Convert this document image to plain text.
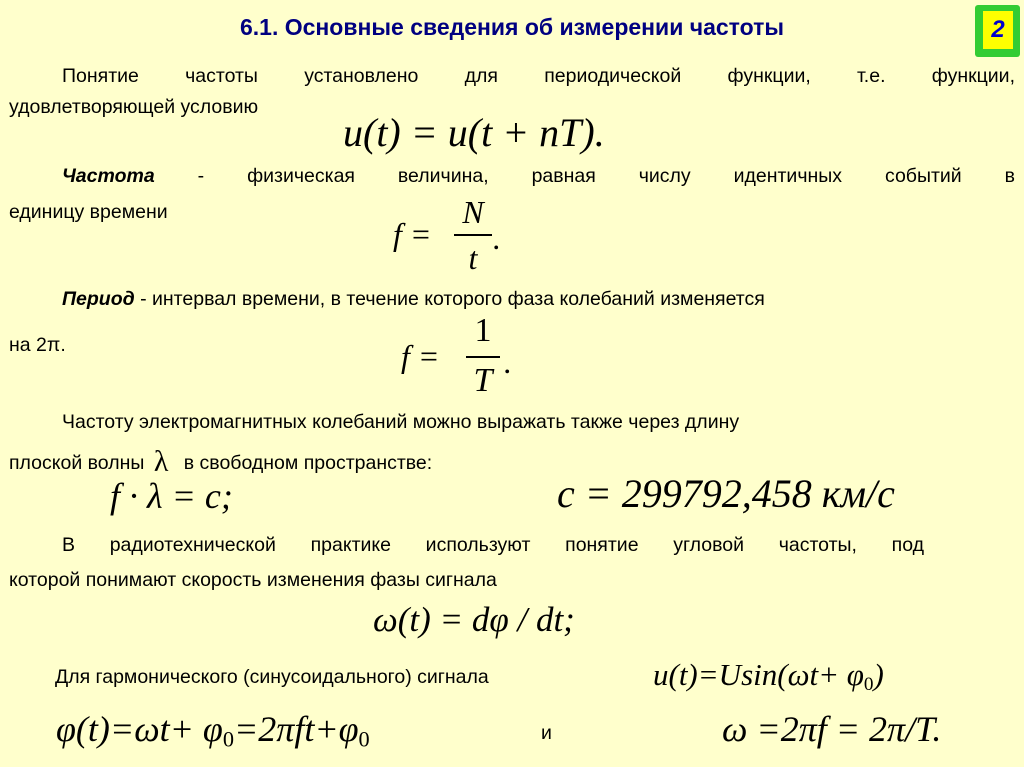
6.1. Основные сведения об измерении частоты	2
Понятие частоты установлено для периодической функции, т.е. функции,
удовлетворяющей условию
u(t) = u(t + nT).
Частота - физическая величина, равная числу идентичных событий в
единицу времени
f =
N
t
.
Период - интервал времени, в течение которого фаза колебаний изменяется
на 2π.	f =
1
T .
Частоту электромагнитных колебаний можно выражать также через длину
плоской волны λ в свободном пространстве:
f · λ = c;	c = 299792,458 км/c
В радиотехнической практике используют понятие угловой частоты, под
которой понимают скорость изменения фазы сигнала
ω(t) = dφ / dt;
Для гармонического (синусоидального) сигнала	$u(t)=Usin(\omega t+ \varphi_0)$
$\varphi(t)=\omega t+ \varphi_0=2\pi ft+\varphi_0$	и	ω =2πf = 2π/T.
